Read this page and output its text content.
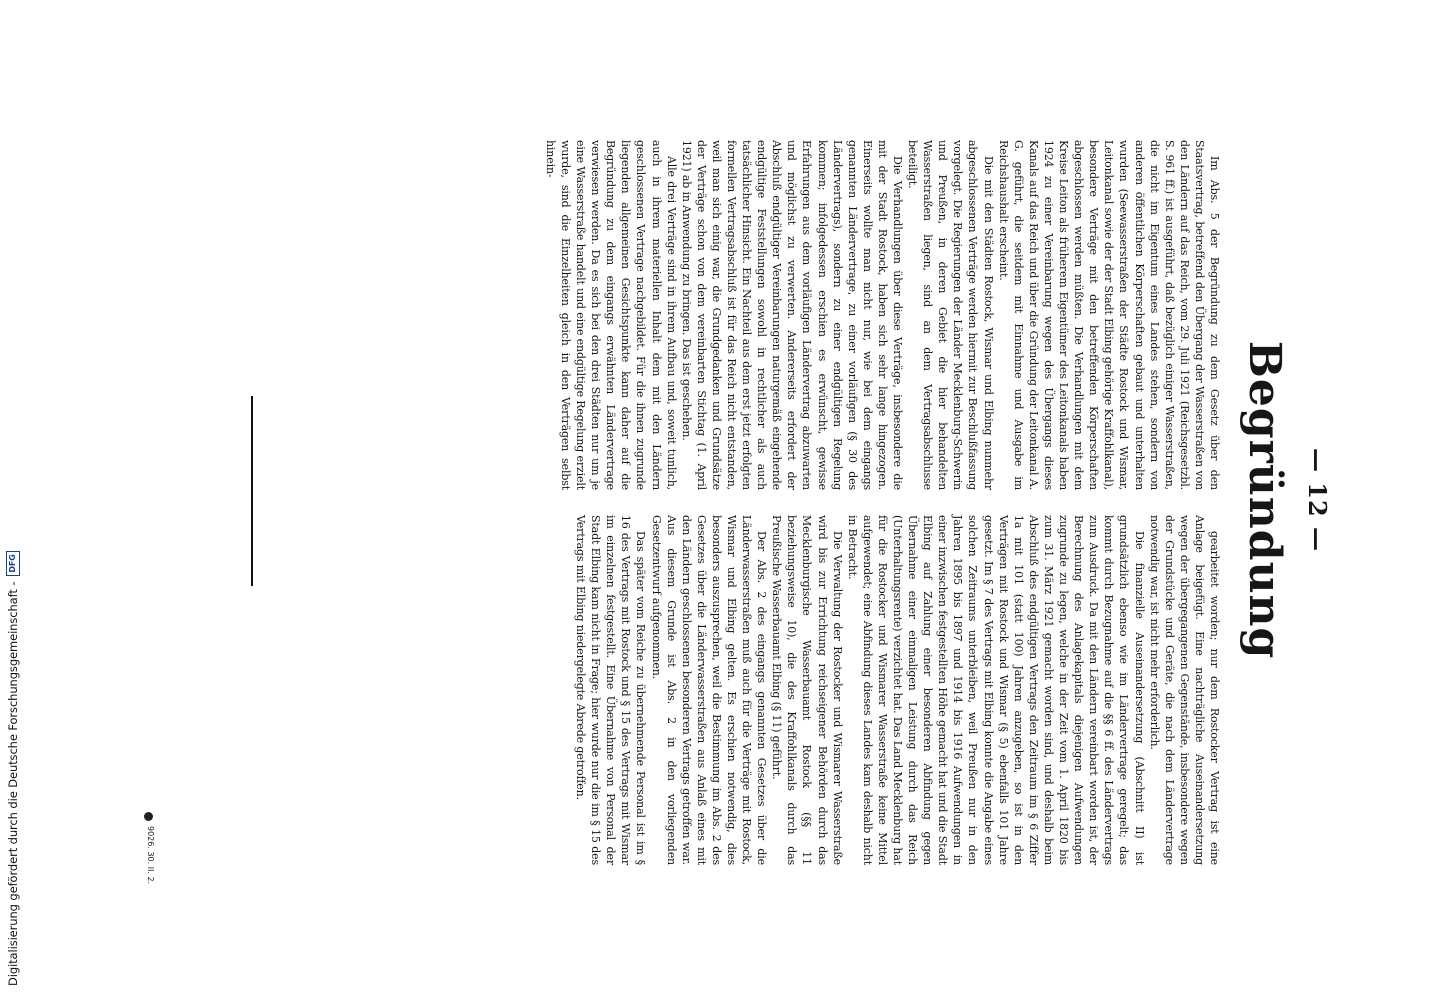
Digitalisierung gefördert durch die Deutsche Forschungsgemeinschaft -
DFG
— 12 —
Begründung

Im Abs. 5 der Begründung zu dem Gesetz über den Staatsvertrag, betreffend den Übergang der Wasserstraßen von den Ländern auf das Reich, vom 29. Juli 1921 (Reichsgesetzbl. S. 961 ff.) ist ausgeführt, daß bezüglich einiger Wasserstraßen, die nicht im Eigentum eines Landes stehen, sondern von anderen öffentlichen Körperschaften gebaut und unterhalten wurden (Seewasserstraßen der Städte Rostock und Wismar, Leitonkanal sowie der der Stadt Elbing gehörige Kraffohlkanal), besondere Verträge mit den betreffenden Körperschaften abgeschlossen werden müßten. Die Verhandlungen mit dem Kreise Leiton als früherem Eigentümer des Leitonkanals haben 1924 zu einer Vereinbarung wegen des Übergangs dieses Kanals auf das Reich und über die Gründung der Leitonkanal A. G. geführt, die seitdem mit Einnahme und Ausgabe im Reichshaushalt erscheint.

Die mit den Städten Rostock, Wismar und Elbing nunmehr abgeschlossenen Verträge werden hiermit zur Beschlußfassung vorgelegt. Die Regierungen der Länder Mecklenburg-Schwerin und Preußen, in deren Gebiet die hier behandelten Wasserstraßen liegen, sind an dem Vertragsabschlusse beteiligt.

Die Verhandlungen über diese Verträge, insbesondere die mit der Stadt Rostock, haben sich sehr lange hingezogen. Einerseits wollte man nicht nur, wie bei dem eingangs genannten Ländervertrage, zu einer vorläufigen (§ 30 des Ländervertrags), sondern zu einer endgültigen Regelung kommen; infolgedessen erschien es erwünscht, gewisse Erfahrungen aus dem vorläufigen Ländervertrag abzuwarten und möglichst zu verwerten. Andererseits erfordert der Abschluß endgültiger Vereinbarungen naturgemäß eingehende endgültige Feststellungen sowohl in rechtlicher als auch tatsächlicher Hinsicht. Ein Nachteil aus dem erst jetzt erfolgten formellen Vertragsabschluß ist für das Reich nicht entstanden, weil man sich einig war, die Grundgedanken und Grundsätze der Verträge schon von dem vereinbarten Stichtag (1. April 1921) ab in Anwendung zu bringen. Das ist geschehen.

Alle drei Verträge sind in ihrem Aufbau und, soweit tunlich, auch in ihrem materiellen Inhalt dem mit den Ländern geschlossenen Vertrage nachgebildet. Für die ihnen zugrunde liegenden allgemeinen Gesichtspunkte kann daher auf die Begründung zu dem eingangs erwähnten Ländervertrage verwiesen werden. Da es sich bei den drei Städten nur um je eine Wasserstraße handelt und eine endgültige Regelung erzielt wurde, sind die Einzelheiten gleich in den Verträgen selbst hinein-

gearbeitet worden; nur dem Rostocker Vertrag ist eine Anlage beigefügt. Eine nachträgliche Auseinandersetzung wegen der übergegangenen Gegenstände, insbesondere wegen der Grundstücke und Geräte, die nach dem Ländervertrage notwendig war, ist nicht mehr erforderlich.

Die finanzielle Auseinandersetzung (Abschnitt II) ist grundsätzlich ebenso wie im Ländervertrage geregelt; das kommt durch Bezugnahme auf die §§ 6 ff. des Ländervertrags zum Ausdruck. Da mit den Ländern vereinbart worden ist, der Berechnung des Anlagekapitals diejenigen Aufwendungen zugrunde zu legen, welche in der Zeit vom 1. April 1820 bis zum 31. März 1921 gemacht worden sind, und deshalb beim Abschluß des endgültigen Vertrags den Zeitraum im § 6 Ziffer 1a mit 101 (statt 100) Jahren anzugeben, so ist in den Verträgen mit Rostock und Wismar (§ 5) ebenfalls 101 Jahre gesetzt. Im § 7 des Vertrags mit Elbing konnte die Angabe eines solchen Zeitraums unterbleiben, weil Preußen nur in den Jahren 1895 bis 1897 und 1914 bis 1916 Aufwendungen in einer inzwischen festgestellten Höhe gemacht hat und die Stadt Elbing auf Zahlung einer besonderen Abfindung gegen Übernahme einer einmaligen Leistung durch das Reich (Unterhaltungsrente) verzichtet hat. Das Land Mecklenburg hat für die Rostocker und Wismarer Wasserstraße keine Mittel aufgewendet; eine Abfindung dieses Landes kam deshalb nicht in Betracht.

Die Verwaltung der Rostocker und Wismarer Wasserstraße wird bis zur Errichtung reichseigener Behörden durch das Mecklenburgische Wasserbauamt Rostock (§§ 11 beziehungsweise 10), die des Kraffohlkanals durch das Preußische Wasserbauamt Elbing (§ 11) geführt.

Der Abs. 2 des eingangs genannten Gesetzes über die Länderwasserstraßen muß auch für die Verträge mit Rostock, Wismar und Elbing gelten. Es erschien notwendig, dies besonders auszusprechen, weil die Bestimmung im Abs. 2 des Gesetzes über die Länderwasserstraßen aus Anlaß eines mit den Ländern geschlossenen besonderen Vertrags getroffen war. Aus diesem Grunde ist Abs. 2 in den vorliegenden Gesetzentwurf aufgenommen.

Das später vom Reiche zu übernehmende Personal ist im § 16 des Vertrags mit Rostock und § 15 des Vertrags mit Wismar im einzelnen festgestellt. Eine Übernahme von Personal der Stadt Elbing kam nicht in Frage; hier wurde nur die im § 15 des Vertrags mit Elbing niedergelegte Abrede getroffen.

9026. 30. II. 2.
